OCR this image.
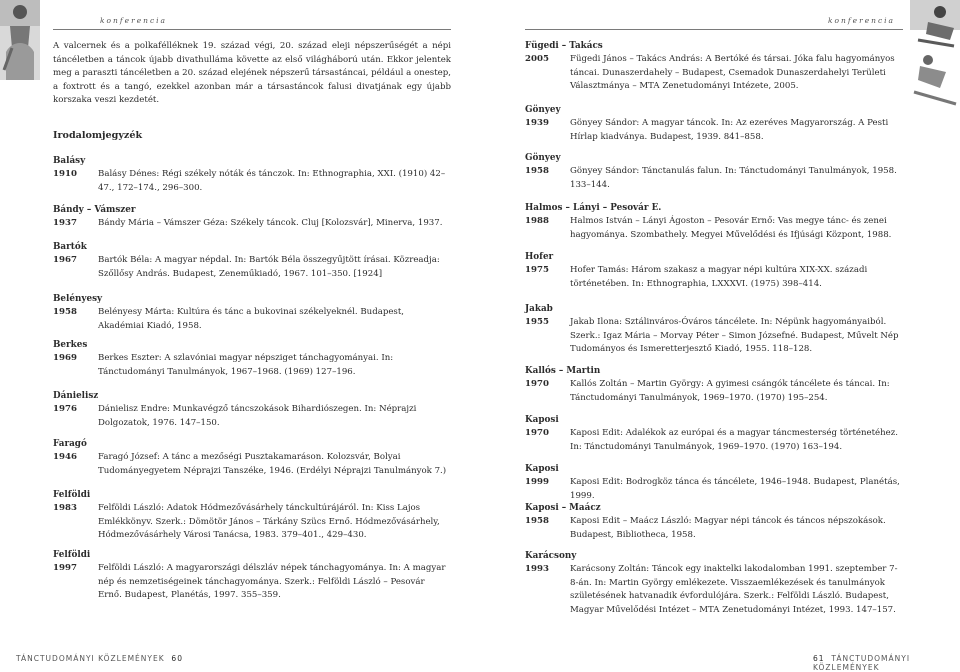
konferencia
A valcernek és a polkafélléknek 19. század végi, 20. század eleji népszerűségét a népi táncéletben a táncok újabb divathulláma követte az első világháború után. Ekkor jelentek meg a paraszti táncéletben a 20. század elejének népszerű társastáncai, például a onestep, a foxtrott és a tangó, ezekkel azonban már a társastáncok falusi divatjának egy újabb korszaka veszi kezdetét.
Irodalomjegyzék
Balásy
1910	Balásy Dénes: Régi székely nóták és tánczok. In: Ethnographia, XXI. (1910) 42–47., 172–174., 296–300.
Bándy – Vámszer
1937	Bándy Mária – Vámszer Géza: Székely táncok. Cluj [Kolozsvár], Minerva, 1937.
Bartók
1967	Bartók Béla: A magyar népdal. In: Bartók Béla összegyűjtött írásai. Közreadja: Szőllősy András. Budapest, Zeneműkiadó, 1967. 101–350. [1924]
Belényesy
1958	Belényesy Márta: Kultúra és tánc a bukovinai székelyeknél. Budapest, Akadémiai Kiadó, 1958.
Berkes
1969	Berkes Eszter: A szlavóniai magyar népsziget tánchagyományai. In: Tánctudományi Tanulmányok, 1967–1968. (1969) 127–196.
Dánielisz
1976	Dánielisz Endre: Munkavégző táncszokások Bihardiószegen. In: Néprajzi Dolgozatok, 1976. 147–150.
Faragó
1946	Faragó József: A tánc a mezőségi Pusztakamaráson. Kolozsvár, Bolyai Tudományegyetem Néprajzi Tanszéke, 1946. (Erdélyi Néprajzi Tanulmányok 7.)
Felföldi
1983	Felföldi László: Adatok Hódmezővásárhely tánckultúrájáról. In: Kiss Lajos Emlékkönyv. Szerk.: Dömötör János – Tárkány Szücs Ernő. Hódmezővásárhely, Hódmezővásárhely Városi Tanácsa, 1983. 379–401., 429–430.
Felföldi
1997	Felföldi László: A magyarországi délszláv népek tánchagyománya. In: A magyar nép és nemzetiségeinek tánchagyománya. Szerk.: Felföldi László – Pesovár Ernő. Budapest, Planétás, 1997. 355–359.
TÁNCTUDOMÁNYI KÖZLEMÉNYEK 60
konferencia
Fügedi – Takács
2005	Fügedi János – Takács András: A Bertóké és társai. Jóka falu hagyományos táncai. Dunaszerdahely – Budapest, Csemadok Dunaszerdahelyi Területi Választmánya – MTA Zenetudományi Intézete, 2005.
Gönyey
1939	Gönyey Sándor: A magyar táncok. In: Az ezeréves Magyarország. A Pesti Hírlap kiadványa. Budapest, 1939. 841–858.
Gönyey
1958	Gönyey Sándor: Tánctanulás falun. In: Tánctudományi Tanulmányok, 1958. 133–144.
Halmos – Lányi – Pesovár E.
1988	Halmos István – Lányi Ágoston – Pesovár Ernő: Vas megye tánc- és zenei hagyománya. Szombathely. Megyei Művelődési és Ifjúsági Központ, 1988.
Hofer
1975	Hofer Tamás: Három szakasz a magyar népi kultúra XIX-XX. századi történetében. In: Ethnographia, LXXXVI. (1975) 398–414.
Jakab
1955	Jakab Ilona: Sztálinváros-Óváros táncélete. In: Népünk hagyományaiból. Szerk.: Igaz Mária – Morvay Péter – Simon Józsefné. Budapest, Művelt Nép Tudományos és Ismeretterjesztő Kiadó, 1955. 118–128.
Kallós – Martin
1970	Kallós Zoltán – Martin György: A gyimesi csángók táncélete és táncai. In: Tánctudományi Tanulmányok, 1969–1970. (1970) 195–254.
Kaposi
1970	Kaposi Edit: Adalékok az európai és a magyar táncmesterség történetéhez. In: Tánctudományi Tanulmányok, 1969–1970. (1970) 163–194.
Kaposi
1999	Kaposi Edit: Bodrogköz tánca és táncélete, 1946–1948. Budapest, Planétás, 1999.
Kaposi – Maácz
1958	Kaposi Edit – Maácz László: Magyar népi táncok és táncos népszokások. Budapest, Bibliotheca, 1958.
Karácsony
1993	Karácsony Zoltán: Táncok egy inaktelki lakodalomban 1991. szeptember 7-8-án. In: Martin György emlékezete. Visszaemlékezések és tanulmányok születésének hatvanadik évfordulójára. Szerk.: Felföldi László. Budapest, Magyar Művelődési Intézet – MTA Zenetudományi Intézet, 1993. 147–157.
61 TÁNCTUDOMÁNYI KÖZLEMÉNYEK
